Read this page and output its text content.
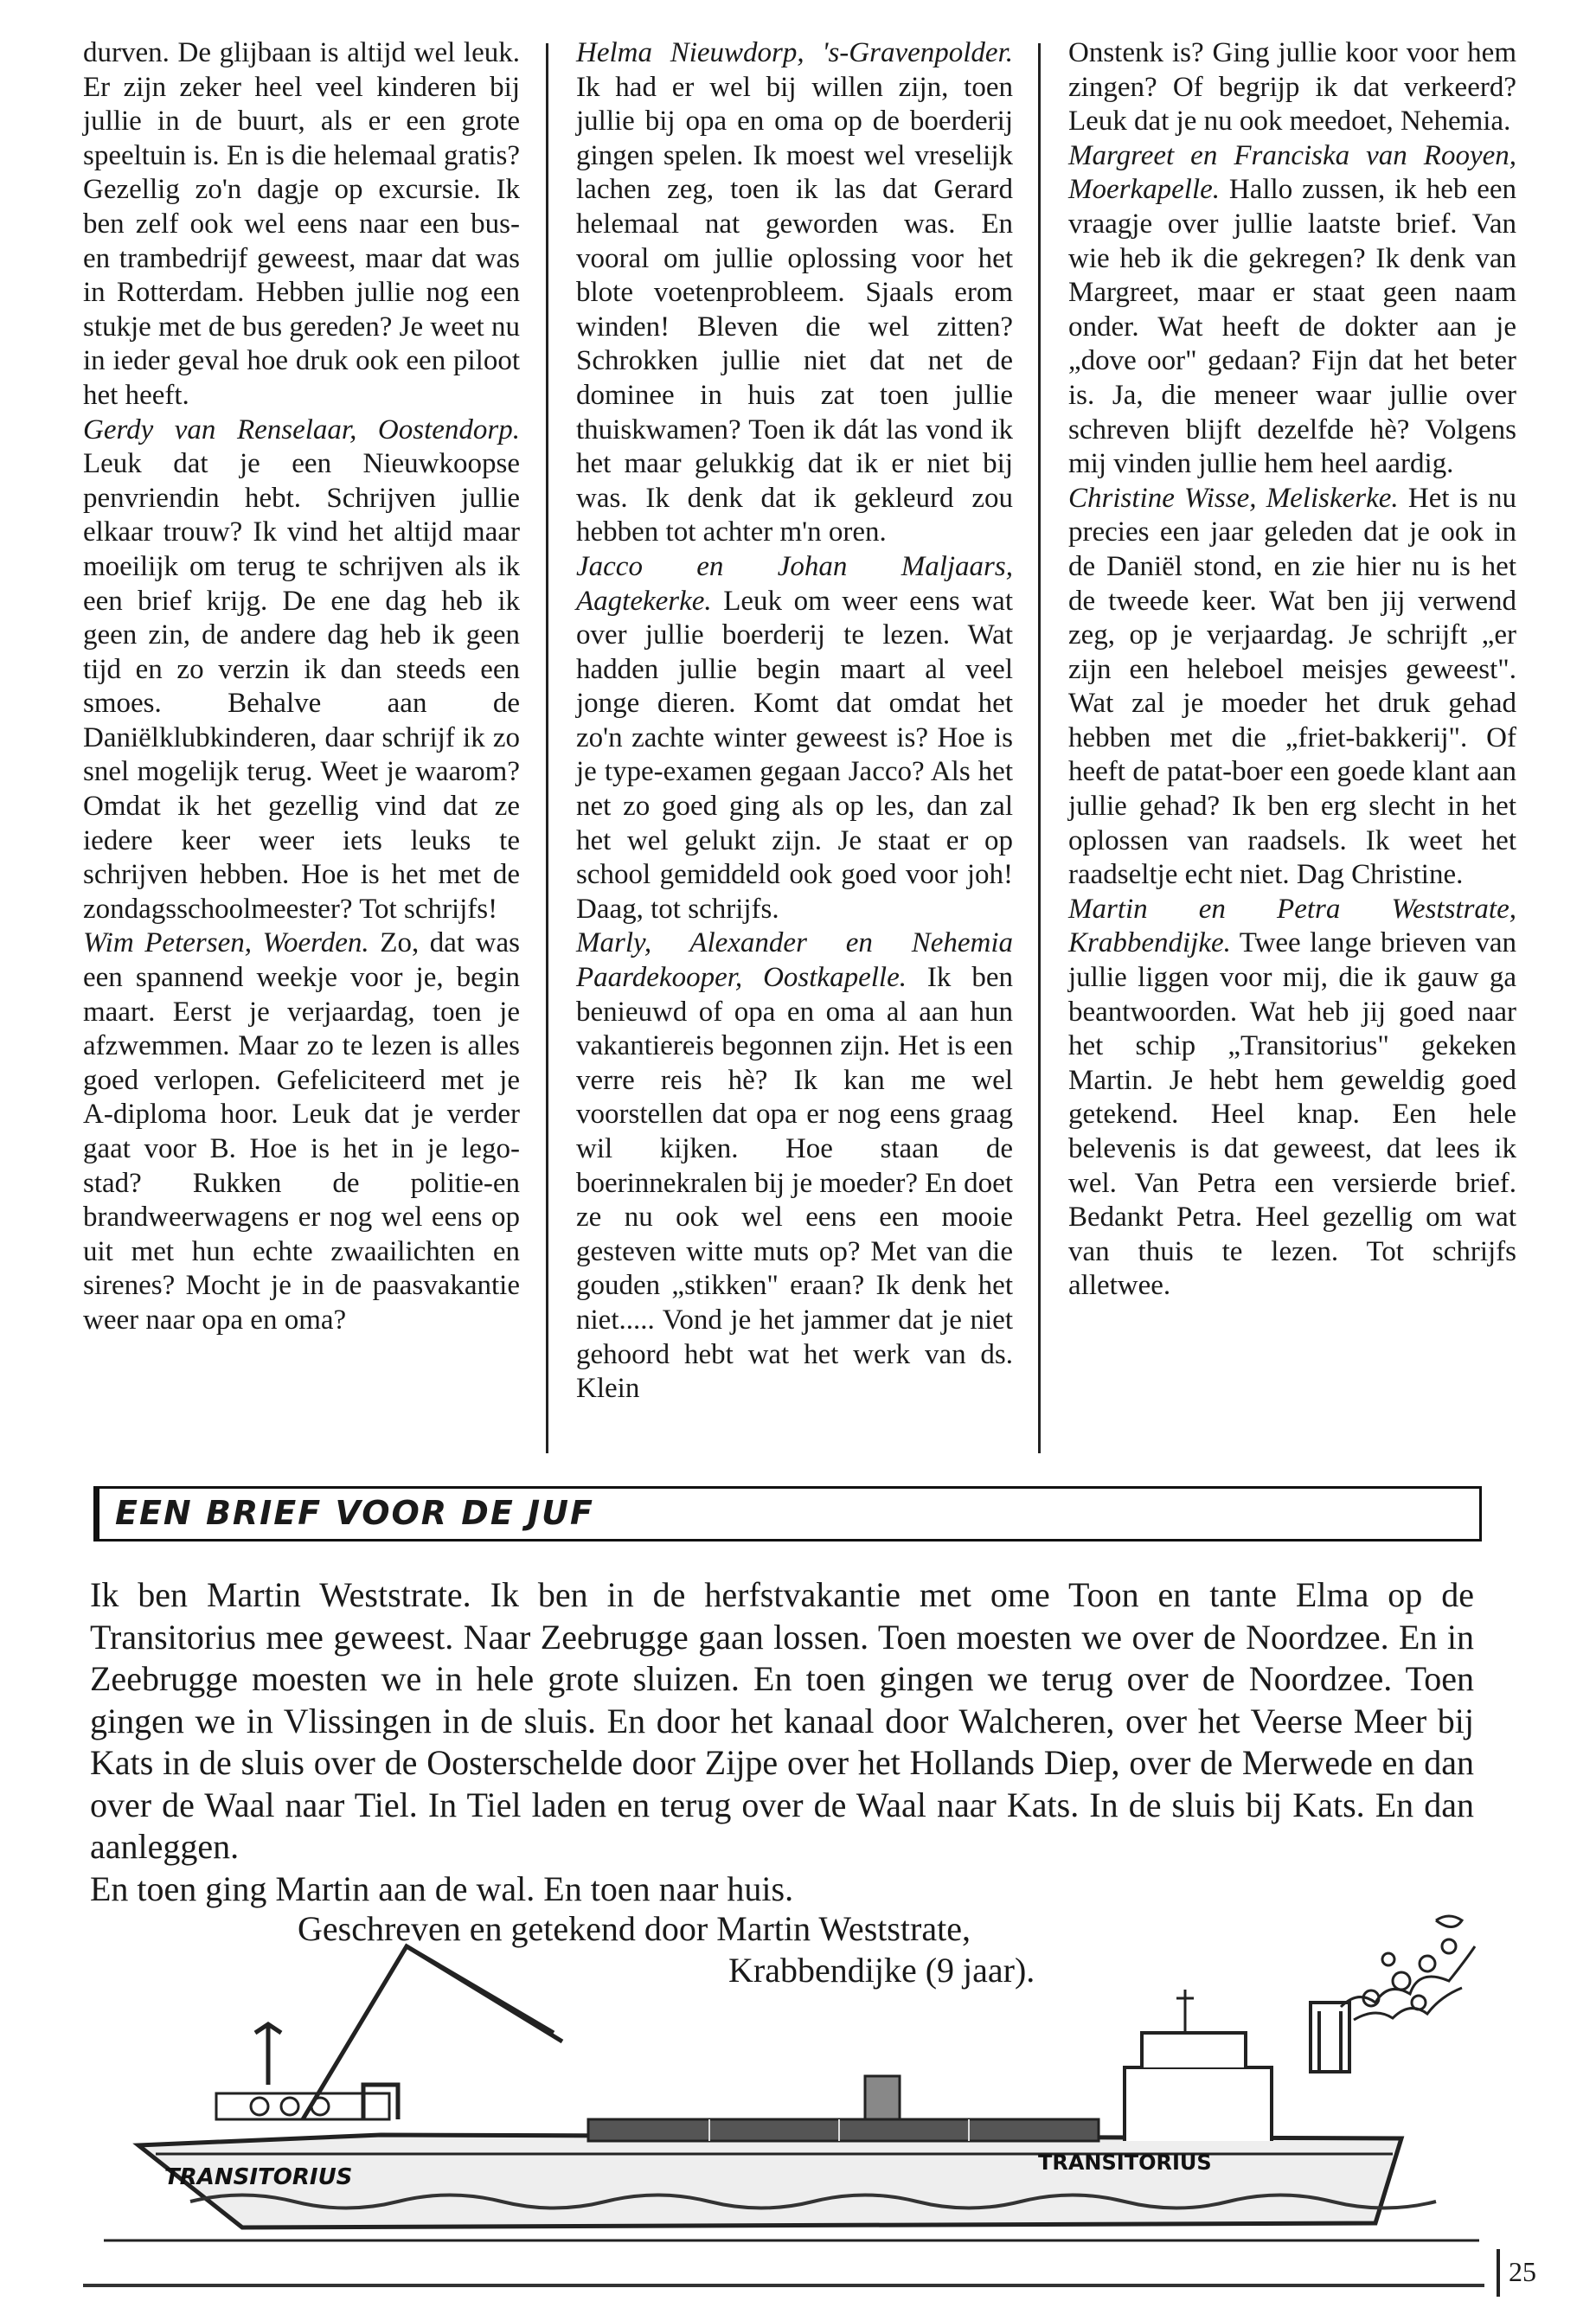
durven. De glijbaan is altijd wel leuk. Er zijn zeker heel veel kinderen bij jullie in de buurt, als er een grote speeltuin is. En is die helemaal gratis? Gezellig zo'n dagje op excursie. Ik ben zelf ook wel eens naar een bus- en trambedrijf geweest, maar dat was in Rotterdam. Hebben jullie nog een stukje met de bus gereden? Je weet nu in ieder geval hoe druk ook een piloot het heeft.

Gerdy van Renselaar, Oostendorp. Leuk dat je een Nieuwkoopse penvriendin hebt. Schrijven jullie elkaar trouw? Ik vind het altijd maar moeilijk om terug te schrijven als ik een brief krijg. De ene dag heb ik geen zin, de andere dag heb ik geen tijd en zo verzin ik dan steeds een smoes. Behalve aan de Daniëlklubkinderen, daar schrijf ik zo snel mogelijk terug. Weet je waarom? Omdat ik het gezellig vind dat ze iedere keer weer iets leuks te schrijven hebben. Hoe is het met de zondagsschoolmeester? Tot schrijfs!

Wim Petersen, Woerden. Zo, dat was een spannend weekje voor je, begin maart. Eerst je verjaardag, toen je afzwemmen. Maar zo te lezen is alles goed verlopen. Gefeliciteerd met je A-diploma hoor. Leuk dat je verder gaat voor B. Hoe is het in je lego-stad? Rukken de politie-en brandweerwagens er nog wel eens op uit met hun echte zwaailichten en sirenes? Mocht je in de paasvakantie weer naar opa en oma?

Helma Nieuwdorp, 's-Gravenpolder. Ik had er wel bij willen zijn, toen jullie bij opa en oma op de boerderij gingen spelen. Ik moest wel vreselijk lachen zeg, toen ik las dat Gerard helemaal nat geworden was. En vooral om jullie oplossing voor het blote voetenprobleem. Sjaals erom winden! Bleven die wel zitten? Schrokken jullie niet dat net de dominee in huis zat toen jullie thuiskwamen? Toen ik dát las vond ik het maar gelukkig dat ik er niet bij was. Ik denk dat ik gekleurd zou hebben tot achter m'n oren.

Jacco en Johan Maljaars, Aagtekerke. Leuk om weer eens wat over jullie boerderij te lezen. Wat hadden jullie begin maart al veel jonge dieren. Komt dat omdat het zo'n zachte winter geweest is? Hoe is je type-examen gegaan Jacco? Als het net zo goed ging als op les, dan zal het wel gelukt zijn. Je staat er op school gemiddeld ook goed voor joh! Daag, tot schrijfs.

Marly, Alexander en Nehemia Paardekooper, Oostkapelle. Ik ben benieuwd of opa en oma al aan hun vakantiereis begonnen zijn. Het is een verre reis hè? Ik kan me wel voorstellen dat opa er nog eens graag wil kijken. Hoe staan de boerinnekralen bij je moeder? En doet ze nu ook wel eens een mooie gesteven witte muts op? Met van die gouden „stikken" eraan? Ik denk het niet..... Vond je het jammer dat je niet gehoord hebt wat het werk van ds. Klein

Onstenk is? Ging jullie koor voor hem zingen? Of begrijp ik dat verkeerd? Leuk dat je nu ook meedoet, Nehemia.

Margreet en Franciska van Rooyen, Moerkapelle. Hallo zussen, ik heb een vraagje over jullie laatste brief. Van wie heb ik die gekregen? Ik denk van Margreet, maar er staat geen naam onder. Wat heeft de dokter aan je „dove oor" gedaan? Fijn dat het beter is. Ja, die meneer waar jullie over schreven blijft dezelfde hè? Volgens mij vinden jullie hem heel aardig.

Christine Wisse, Meliskerke. Het is nu precies een jaar geleden dat je ook in de Daniël stond, en zie hier nu is het de tweede keer. Wat ben jij verwend zeg, op je verjaardag. Je schrijft „er zijn een heleboel meisjes geweest". Wat zal je moeder het druk gehad hebben met die „friet-bakkerij". Of heeft de patat-boer een goede klant aan jullie gehad? Ik ben erg slecht in het oplossen van raadsels. Ik weet het raadseltje echt niet. Dag Christine.

Martin en Petra Weststrate, Krabbendijke. Twee lange brieven van jullie liggen voor mij, die ik gauw ga beantwoorden. Wat heb jij goed naar het schip „Transitorius" gekeken Martin. Je hebt hem geweldig goed getekend. Heel knap. Een hele belevenis is dat geweest, dat lees ik wel. Van Petra een versierde brief. Bedankt Petra. Heel gezellig om wat van thuis te lezen. Tot schrijfs alletwee.

EEN BRIEF VOOR DE JUF

Ik ben Martin Weststrate. Ik ben in de herfstvakantie met ome Toon en tante Elma op de Transitorius mee geweest. Naar Zeebrugge gaan lossen. Toen moesten we over de Noordzee. En in Zeebrugge moesten we in hele grote sluizen. En toen gingen we terug over de Noordzee. Toen gingen we in Vlissingen in de sluis. En door het kanaal door Walcheren, over het Veerse Meer bij Kats in de sluis over de Oosterschelde door Zijpe over het Hollands Diep, over de Merwede en dan over de Waal naar Tiel. In Tiel laden en terug over de Waal naar Kats. In de sluis bij Kats. En dan aanleggen.

En toen ging Martin aan de wal. En toen naar huis.

Geschreven en getekend door Martin Weststrate,
Krabbendijke (9 jaar).
TRANSITORIUS
TRANSITORIUS
25
